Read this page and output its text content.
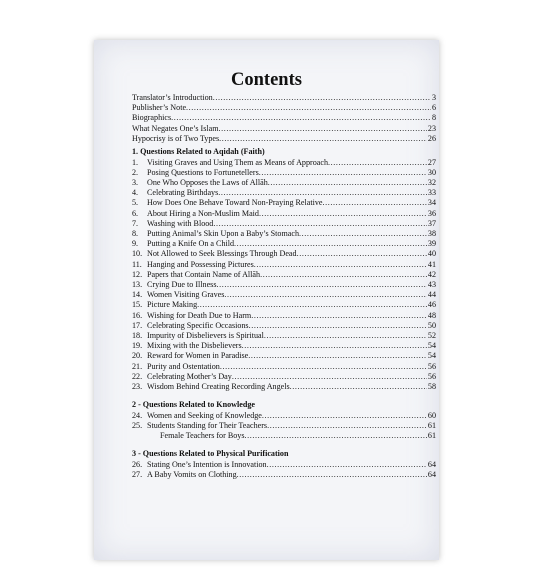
Contents
Translator’s Introduction .....	3
Publisher’s Note .....	6
Biographics .....	8
What Negates One’s Islam .....	23
Hypocrisy is of Two Types .....	26
1. Questions Related to Aqidah (Faith)
1.	Visiting Graves and Using Them as Means of Approach .....	27
2.	Posing Questions to Fortunetellers .....	30
3.	One Who Opposes the Laws of Allāh .....	32
4.	Celebrating Birthdays .....	33
5.	How Does One Behave Toward Non-Praying Relative .....	34
6.	About Hiring a Non-Muslim Maid .....	36
7.	Washing with Blood .....	37
8.	Putting Animal’s Skin Upon a Baby’s Stomach .....	38
9.	Putting a Knife On a Child .....	39
10. Not Allowed to Seek Blessings Through Dead .....	40
11. Hanging and Possessing Pictures .....	41
12. Papers that Contain Name of Allāh .....	42
13. Crying Due to Illness .....	43
14. Women Visiting Graves .....	44
15. Picture Making .....	46
16. Wishing for Death Due to Harm .....	48
17. Celebrating Specific Occasions .....	50
18. Impurity of Disbelievers is Spiritual .....	52
19. Mixing with the Disbelievers .....	54
20. Reward for Women in Paradise .....	54
21. Purity and Ostentation .....	56
22. Celebrating Mother’s Day .....	56
23. Wisdom Behind Creating Recording Angels .....	58
2 - Questions Related to Knowledge
24. Women and Seeking of Knowledge .....	60
25. Students Standing for Their Teachers .....	61
Female Teachers for Boys .....	61
3 - Questions Related to Physical Purification
26. Stating One’s Intention is Innovation .....	64
27. A Baby Vomits on Clothing .....	64
